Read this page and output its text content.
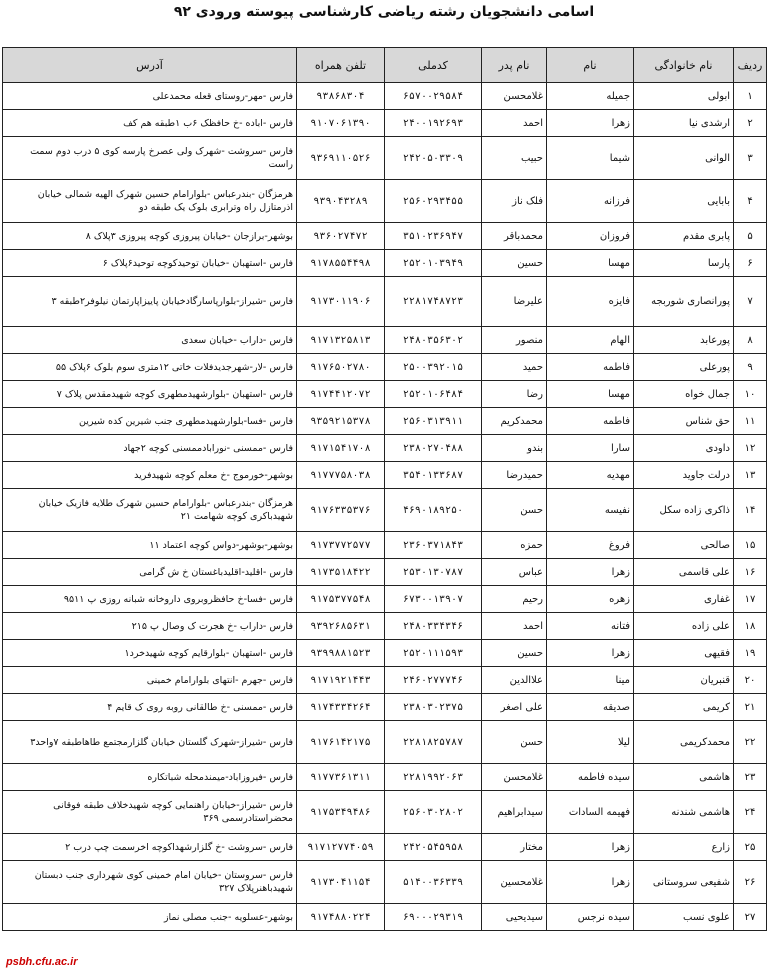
اسامی دانشجویان رشته ریاضی کارشناسی پیوسته ورودی ۹۲
ردیف	نام خانوادگی	نام	نام پدر	کدملی	تلفن همراه	آدرس
۱	ابولی	جمیله	غلامحسن	۶۵۷۰۰۲۹۵۸۴	۹۳۸۶۸۳۰۴	فارس -مهر-روستای قعله محمدعلی
۲	ارشدی نیا	زهرا	احمد	۲۴۰۰۱۹۲۶۹۳	۹۱۰۷۰۶۱۳۹۰	فارس -اباده -خ حافظک ۶ب ۱طبقه هم کف
۳	الوانی	شیما	حبیب	۲۴۲۰۵۰۳۳۰۹	۹۳۶۹۱۱۰۵۲۶	فارس -سروشت -شهرک ولی عصرخ پارسه کوی ۵ درب دوم سمت راست
۴	بابایی	فرزانه	فلک ناز	۲۵۶۰۲۹۳۴۵۵	۹۳۹۰۴۳۲۸۹	هرمزگان -بندرعباس -بلوارامام حسین شهرک الهیه شمالی خیابان اذرمتازل راه وترابری بلوک یک طبقه دو
۵	پابری مقدم	فروزان	محمدباقر	۳۵۱۰۲۳۶۹۴۷	۹۳۶۰۲۷۴۷۲	بوشهر-برازجان -خیابان پیروزی کوچه پیروزی ۳پلاک ۸
۶	پارسا	مهسا	حسین	۲۵۲۰۱۰۳۹۴۹	۹۱۷۸۵۵۴۴۹۸	فارس -استهبان -خیابان توحیدکوچه توحید۶پلاک ۶
۷	پورانصاری شوربجه	فایزه	علیرضا	۲۲۸۱۷۴۸۷۲۳	۹۱۷۳۰۱۱۹۰۶	فارس -شیراز-بلوارپاسارگادخیابان پاییزاپارتمان نیلوفر۲طبقه ۳
۸	پورعابد	الهام	منصور	۲۴۸۰۳۵۶۳۰۲	۹۱۷۱۳۲۵۸۱۳	فارس -داراب -خیابان سعدی
۹	پورعلی	فاطمه	حمید	۲۵۰۰۳۹۲۰۱۵	۹۱۷۶۵۰۲۷۸۰	فارس -لار-شهرجدیدفلات خاتی ۱۲متری سوم بلوک ۶پلاک ۵۵
۱۰	جمال خواه	مهسا	رضا	۲۵۲۰۱۰۶۴۸۴	۹۱۷۴۴۱۲۰۷۲	فارس -استهبان -بلوارشهیدمطهری کوچه شهیدمقدس پلاک ۷
۱۱	حق شناس	فاطمه	محمدکریم	۲۵۶۰۳۱۳۹۱۱	۹۳۵۹۲۱۵۳۷۸	فارس -فسا-بلوارشهیدمطهری جنب شیرین کده شیرین
۱۲	داودی	سارا	بندو	۲۳۸۰۲۷۰۴۸۸	۹۱۷۱۵۴۱۷۰۸	فارس -ممسنی -نورابادممسنی کوچه ۲جهاد
۱۳	درلت جاوید	مهدیه	حمیدرضا	۳۵۴۰۱۳۳۶۸۷	۹۱۷۷۷۵۸۰۳۸	بوشهر-خورموج -خ معلم کوچه شهیدفرید
۱۴	ذاکری زاده سکل	نفیسه	حسن	۴۶۹۰۱۸۹۲۵۰	۹۱۷۶۳۳۵۳۷۶	هرمزگان -بندرعباس -بلوارامام حسین شهرک طلایه فازیک خیابان شهیدباکری کوچه شهامت ۲۱
۱۵	صالحی	فروغ	حمزه	۲۳۶۰۳۷۱۸۴۳	۹۱۷۳۷۷۲۵۷۷	بوشهر-بوشهر-دواس کوچه اعتماد ۱۱
۱۶	علی قاسمی	زهرا	عباس	۲۵۳۰۱۳۰۷۸۷	۹۱۷۳۵۱۸۴۲۲	فارس -اقلید-اقلیدباغستان خ ش گرامی
۱۷	غفاری	زهره	رحیم	۶۷۳۰۰۱۳۹۰۷	۹۱۷۵۳۷۷۵۴۸	فارس -فسا-خ حافظروبروی داروخانه شبانه روزی پ ۹۵۱۱
۱۸	علی زاده	فتانه	احمد	۲۴۸۰۳۳۴۳۴۶	۹۳۹۲۶۸۵۶۳۱	فارس -داراب -خ هجرت ک وصال پ ۲۱۵
۱۹	فقیهی	زهرا	حسین	۲۵۲۰۱۱۱۵۹۳	۹۳۹۹۸۸۱۵۲۳	فارس -استهبان -بلوارقایم کوچه شهیدخرد۱
۲۰	قنبریان	مینا	علاالدین	۲۴۶۰۲۷۷۷۴۶	۹۱۷۱۹۲۱۴۴۳	فارس -جهرم -انتهای بلوارامام خمینی
۲۱	کریمی	صدیقه	علی اصغر	۲۳۸۰۳۰۲۳۷۵	۹۱۷۴۳۳۴۲۶۴	فارس -ممسنی -خ طالقانی روبه روی ک قایم ۴
۲۲	محمدکریمی	لیلا	حسن	۲۲۸۱۸۲۵۷۸۷	۹۱۷۶۱۴۲۱۷۵	فارس -شیراز-شهرک گلستان خیابان گلزارمجتمع طاهاطبقه ۷واحد۳
۲۳	هاشمی	سیده فاطمه	غلامحسن	۲۲۸۱۹۹۲۰۶۳	۹۱۷۷۳۶۱۳۱۱	فارس -فیروزاباد-میمندمحله شباتکاره
۲۴	هاشمی شندنه	فهیمه السادات	سیدابراهیم	۲۵۶۰۳۰۲۸۰۲	۹۱۷۵۳۴۹۴۸۶	فارس -شیراز-خیابان راهنمایی کوچه شهیدخلاف طبقه فوقانی محضراستادرسمی ۳۶۹
۲۵	زارع	زهرا	مختار	۲۴۲۰۵۴۵۹۵۸	۹۱۷۱۲۷۷۴۰۵۹	فارس -سروشت -خ گلزارشهداکوچه اخرسمت چپ درب ۲
۲۶	شفیعی سروستانی	زهرا	غلامحسین	۵۱۴۰۰۳۶۳۳۹	۹۱۷۳۰۴۱۱۵۴	فارس -سروستان -خیابان امام خمینی کوی شهرداری جنب دبستان شهیدباهنرپلاک ۳۲۷
۲۷	علوی نسب	سیده نرجس	سیدیحیی	۶۹۰۰۰۲۹۳۱۹	۹۱۷۴۸۸۰۲۲۴	بوشهر-عسلویه -جنب مصلی نماز
psbh.cfu.ac.ir
